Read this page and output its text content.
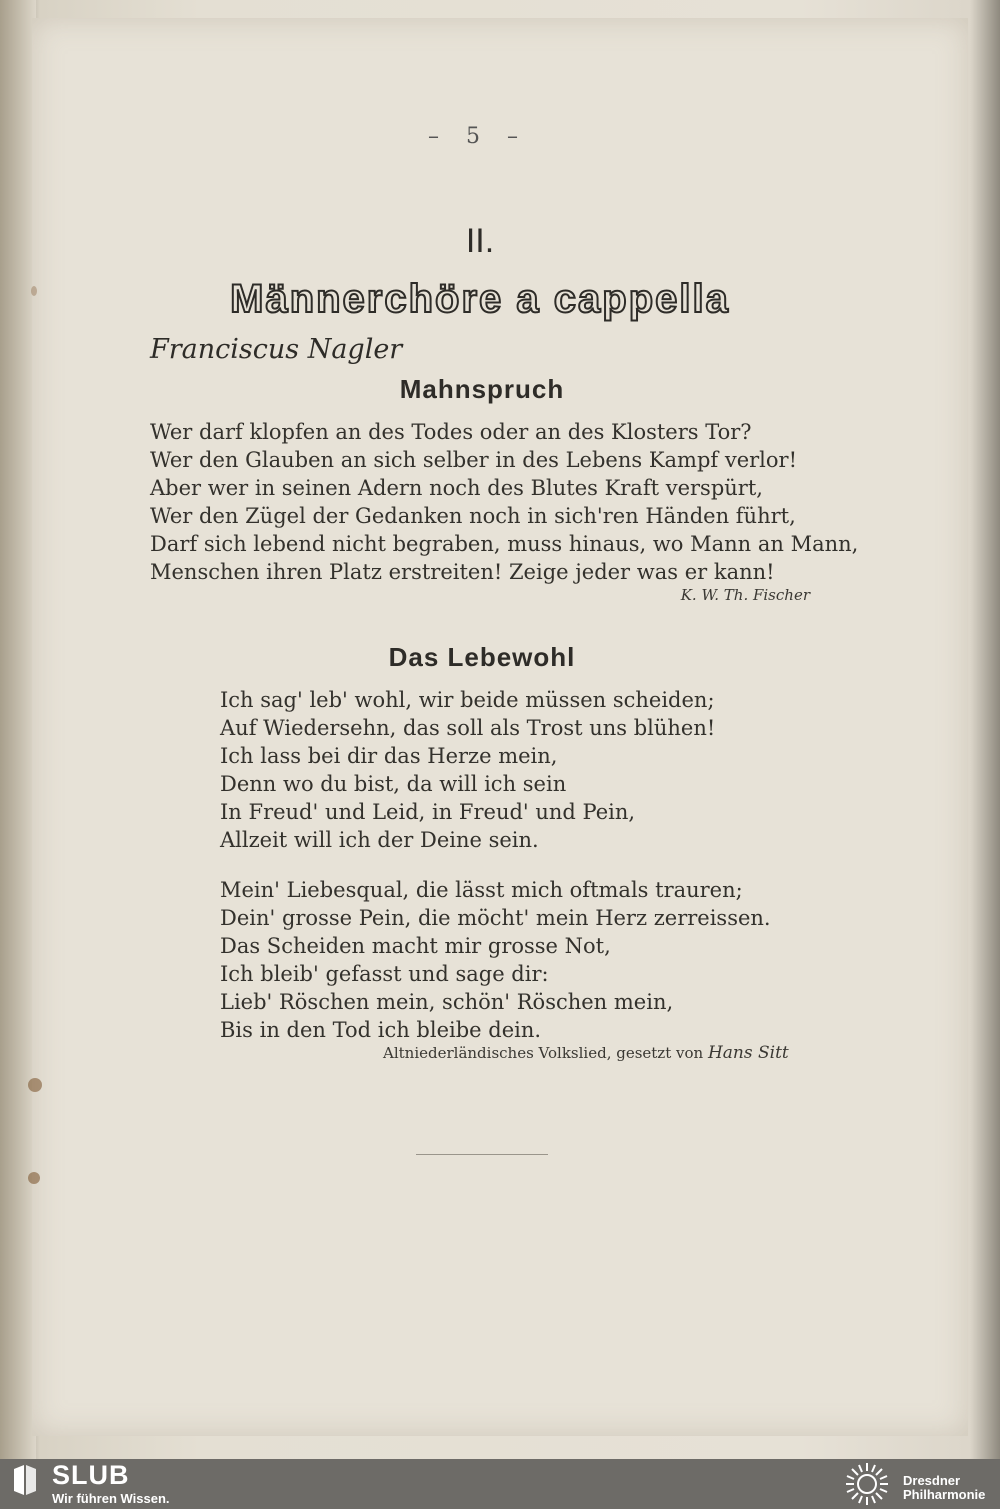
– 5 –
II.
Männerchöre a cappella
Franciscus Nagler
Mahnspruch
Wer darf klopfen an des Todes oder an des Klosters Tor?
Wer den Glauben an sich selber in des Lebens Kampf verlor!
Aber wer in seinen Adern noch des Blutes Kraft verspürt,
Wer den Zügel der Gedanken noch in sich'ren Händen führt,
Darf sich lebend nicht begraben, muss hinaus, wo Mann an Mann,
Menschen ihren Platz erstreiten! Zeige jeder was er kann!
K. W. Th. Fischer
Das Lebewohl
Ich sag' leb' wohl, wir beide müssen scheiden;
Auf Wiedersehn, das soll als Trost uns blühen!
Ich lass bei dir das Herze mein,
Denn wo du bist, da will ich sein
In Freud' und Leid, in Freud' und Pein,
Allzeit will ich der Deine sein.
Mein' Liebesqual, die lässt mich oftmals trauren;
Dein' grosse Pein, die möcht' mein Herz zerreissen.
Das Scheiden macht mir grosse Not,
Ich bleib' gefasst und sage dir:
Lieb' Röschen mein, schön' Röschen mein,
Bis in den Tod ich bleibe dein.
Altniederländisches Volkslied, gesetzt von Hans Sitt
SLUB
Wir führen Wissen.
Dresdner
Philharmonie
